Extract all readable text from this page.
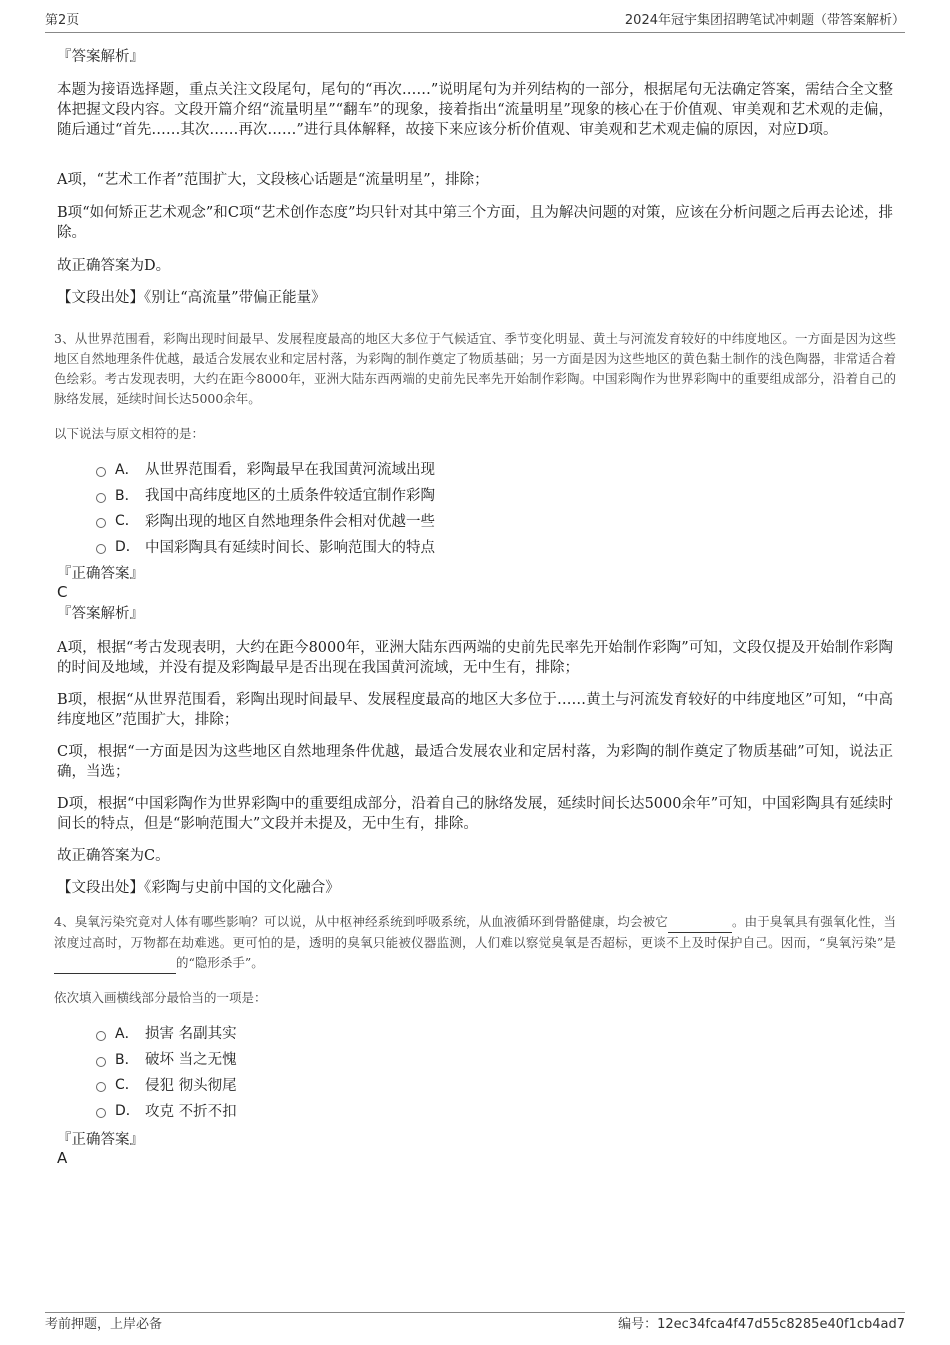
第2页	2024年冠宇集团招聘笔试冲刺题（带答案解析）
『答案解析』
本题为接语选择题，重点关注文段尾句，尾句的“再次……”说明尾句为并列结构的一部分，根据尾句无法确定答案，需结合全文整体把握文段内容。文段开篇介绍“流量明星”“翻车”的现象，接着指出“流量明星”现象的核心在于价值观、审美观和艺术观的走偏，随后通过“首先……其次……再次……”进行具体解释，故接下来应该分析价值观、审美观和艺术观走偏的原因，对应D项。
A项，“艺术工作者”范围扩大，文段核心话题是“流量明星”，排除；
B项“如何矫正艺术观念”和C项“艺术创作态度”均只针对其中第三个方面，且为解决问题的对策，应该在分析问题之后再去论述，排除。
故正确答案为D。
【文段出处】《别让“高流量”带偏正能量》
3、从世界范围看，彩陶出现时间最早、发展程度最高的地区大多位于气候适宜、季节变化明显、黄土与河流发育较好的中纬度地区。一方面是因为这些地区自然地理条件优越，最适合发展农业和定居村落，为彩陶的制作奠定了物质基础；另一方面是因为这些地区的黄色黏土制作的浅色陶器，非常适合着色绘彩。考古发现表明，大约在距今8000年，亚洲大陆东西两端的史前先民率先开始制作彩陶。中国彩陶作为世界彩陶中的重要组成部分，沿着自己的脉络发展，延续时间长达5000余年。
以下说法与原文相符的是：
A． 从世界范围看，彩陶最早在我国黄河流域出现
B． 我国中高纬度地区的土质条件较适宜制作彩陶
C． 彩陶出现的地区自然地理条件会相对优越一些
D． 中国彩陶具有延续时间长、影响范围大的特点
『正确答案』
C
『答案解析』
A项，根据“考古发现表明，大约在距今8000年，亚洲大陆东西两端的史前先民率先开始制作彩陶”可知，文段仅提及开始制作彩陶的时间及地域，并没有提及彩陶最早是否出现在我国黄河流域，无中生有，排除；
B项，根据“从世界范围看，彩陶出现时间最早、发展程度最高的地区大多位于……黄土与河流发育较好的中纬度地区”可知，“中高纬度地区”范围扩大，排除；
C项，根据“一方面是因为这些地区自然地理条件优越，最适合发展农业和定居村落，为彩陶的制作奠定了物质基础”可知，说法正确，当选；
D项，根据“中国彩陶作为世界彩陶中的重要组成部分，沿着自己的脉络发展，延续时间长达5000余年”可知，中国彩陶具有延续时间长的特点，但是“影响范围大”文段并未提及，无中生有，排除。
故正确答案为C。
【文段出处】《彩陶与史前中国的文化融合》
4、臭氧污染究竟对人体有哪些影响？可以说，从中枢神经系统到呼吸系统，从血液循环到骨骼健康，均会被它	。由于臭氧具有强氧化性，当浓度过高时，万物都在劫难逃。更可怕的是，透明的臭氧只能被仪器监测，人们难以察觉臭氧是否超标，更谈不上及时保护自己。因而，“臭氧污染”是 的“隐形杀手”。
依次填入画横线部分最恰当的一项是：
A． 损害 名副其实
B． 破坏 当之无愧
C． 侵犯 彻头彻尾
D． 攻克 不折不扣
『正确答案』
A
考前押题，上岸必备	编号：12ec34fca4f47d55c8285e40f1cb4ad7
